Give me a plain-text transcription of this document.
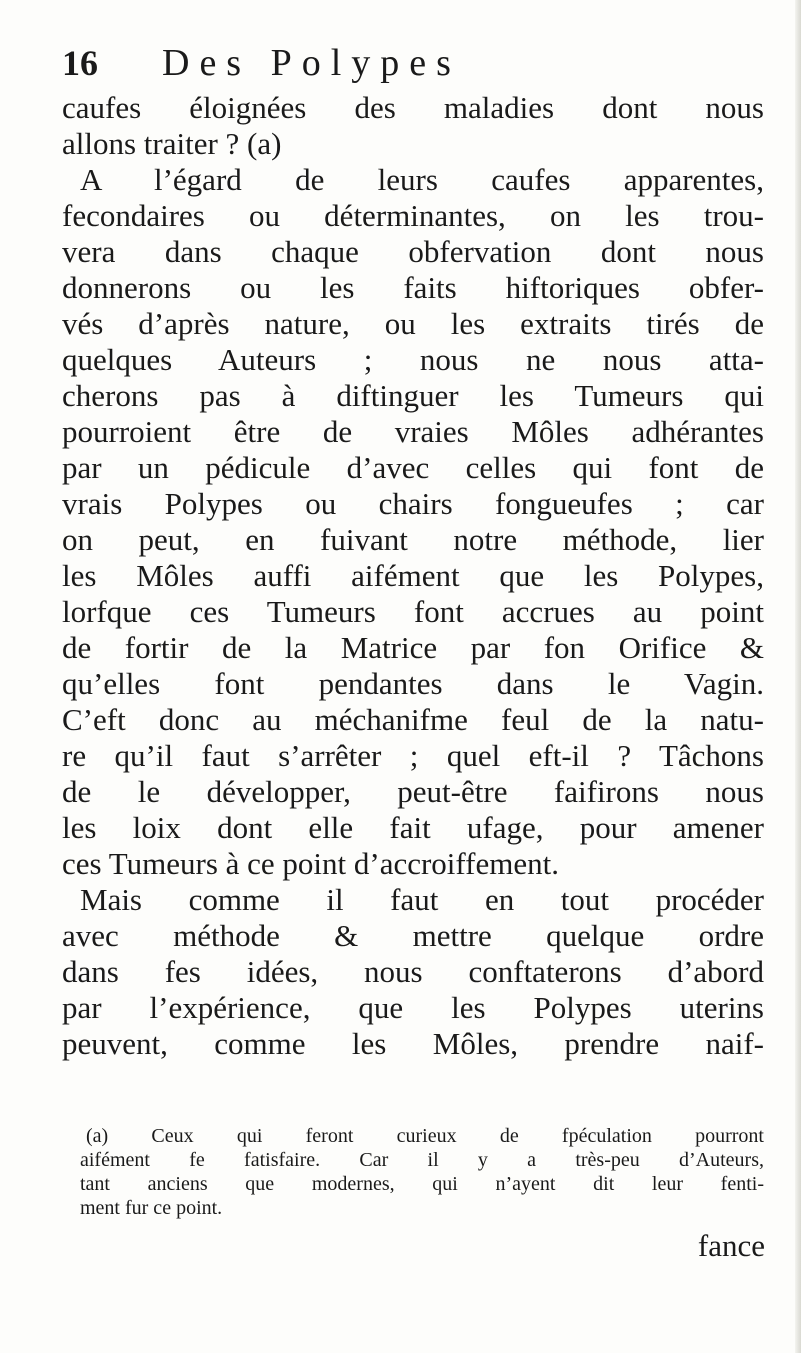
16 Des Polypes
caufes éloignées des maladies dont nous
allons traiter ? (a)
A l’égard de leurs caufes apparentes,
fecondaires ou déterminantes, on les trou-
vera dans chaque obfervation dont nous
donnerons ou les faits hiftoriques obfer-
vés d’après nature, ou les extraits tirés de
quelques Auteurs ; nous ne nous atta-
cherons pas à diftinguer les Tumeurs qui
pourroient être de vraies Môles adhérantes
par un pédicule d’avec celles qui font de
vrais Polypes ou chairs fongueufes ; car
on peut, en fuivant notre méthode, lier
les Môles auffi aifément que les Polypes,
lorfque ces Tumeurs font accrues au point
de fortir de la Matrice par fon Orifice &
qu’elles font pendantes dans le Vagin.
C’eft donc au méchanifme feul de la natu-
re qu’il faut s’arrêter ; quel eft-il ? Tâchons
de le développer, peut-être faifirons nous
les loix dont elle fait ufage, pour amener
ces Tumeurs à ce point d’accroiffement.
Mais comme il faut en tout procéder
avec méthode & mettre quelque ordre
dans fes idées, nous conftaterons d’abord
par l’expérience, que les Polypes uterins
peuvent, comme les Môles, prendre naif-
(a) Ceux qui feront curieux de fpéculation pourront
aifément fe fatisfaire. Car il y a très-peu d’Auteurs,
tant anciens que modernes, qui n’ayent dit leur fenti-
ment fur ce point.
fance
